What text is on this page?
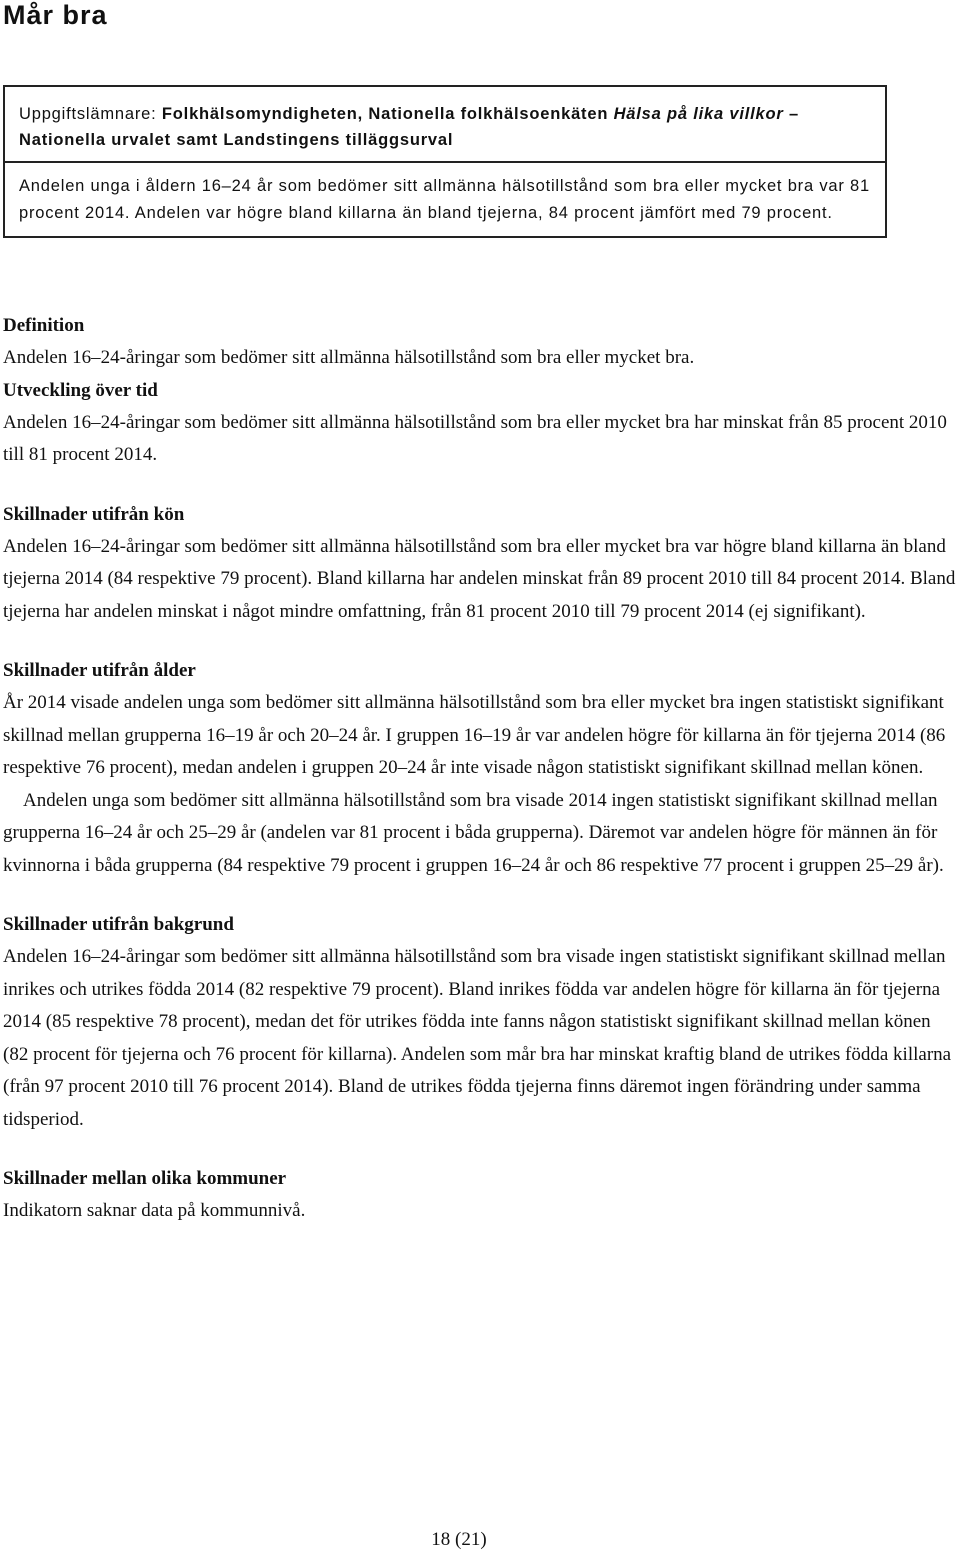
Mår bra
Uppgiftslämnare: Folkhälsomyndigheten, Nationella folkhälsoenkäten Hälsa på lika villkor – Nationella urvalet samt Landstingens tilläggsurval
Andelen unga i åldern 16–24 år som bedömer sitt allmänna hälsotillstånd som bra eller mycket bra var 81 procent 2014. Andelen var högre bland killarna än bland tjejerna, 84 procent jämfört med 79 procent.
Definition

Andelen 16–24-åringar som bedömer sitt allmänna hälsotillstånd som bra eller mycket bra.

Utveckling över tid

Andelen 16–24-åringar som bedömer sitt allmänna hälsotillstånd som bra eller mycket bra har minskat från 85 procent 2010 till 81 procent 2014.

Skillnader utifrån kön

Andelen 16–24-åringar som bedömer sitt allmänna hälsotillstånd som bra eller mycket bra var högre bland killarna än bland tjejerna 2014 (84 respektive 79 procent). Bland killarna har andelen minskat från 89 procent 2010 till 84 procent 2014. Bland tjejerna har andelen minskat i något mindre omfattning, från 81 procent 2010 till 79 procent 2014 (ej signifikant).

Skillnader utifrån ålder

År 2014 visade andelen unga som bedömer sitt allmänna hälsotillstånd som bra eller mycket bra ingen statistiskt signifikant skillnad mellan grupperna 16–19 år och 20–24 år. I gruppen 16–19 år var andelen högre för killarna än för tjejerna 2014 (86 respektive 76 procent), medan andelen i gruppen 20–24 år inte visade någon statistiskt signifikant skillnad mellan könen.

Andelen unga som bedömer sitt allmänna hälsotillstånd som bra visade 2014 ingen statistiskt signifikant skillnad mellan grupperna 16–24 år och 25–29 år (andelen var 81 procent i båda grupperna). Däremot var andelen högre för männen än för kvinnorna i båda grupperna (84 respektive 79 procent i gruppen 16–24 år och 86 respektive 77 procent i gruppen 25–29 år).

Skillnader utifrån bakgrund

Andelen 16–24-åringar som bedömer sitt allmänna hälsotillstånd som bra visade ingen statistiskt signifikant skillnad mellan inrikes och utrikes födda 2014 (82 respektive 79 procent). Bland inrikes födda var andelen högre för killarna än för tjejerna 2014 (85 respektive 78 procent), medan det för utrikes födda inte fanns någon statistiskt signifikant skillnad mellan könen (82 procent för tjejerna och 76 procent för killarna). Andelen som mår bra har minskat kraftig bland de utrikes födda killarna (från 97 procent 2010 till 76 procent 2014). Bland de utrikes födda tjejerna finns däremot ingen förändring under samma tidsperiod.

Skillnader mellan olika kommuner

Indikatorn saknar data på kommunnivå.

18 (21)
